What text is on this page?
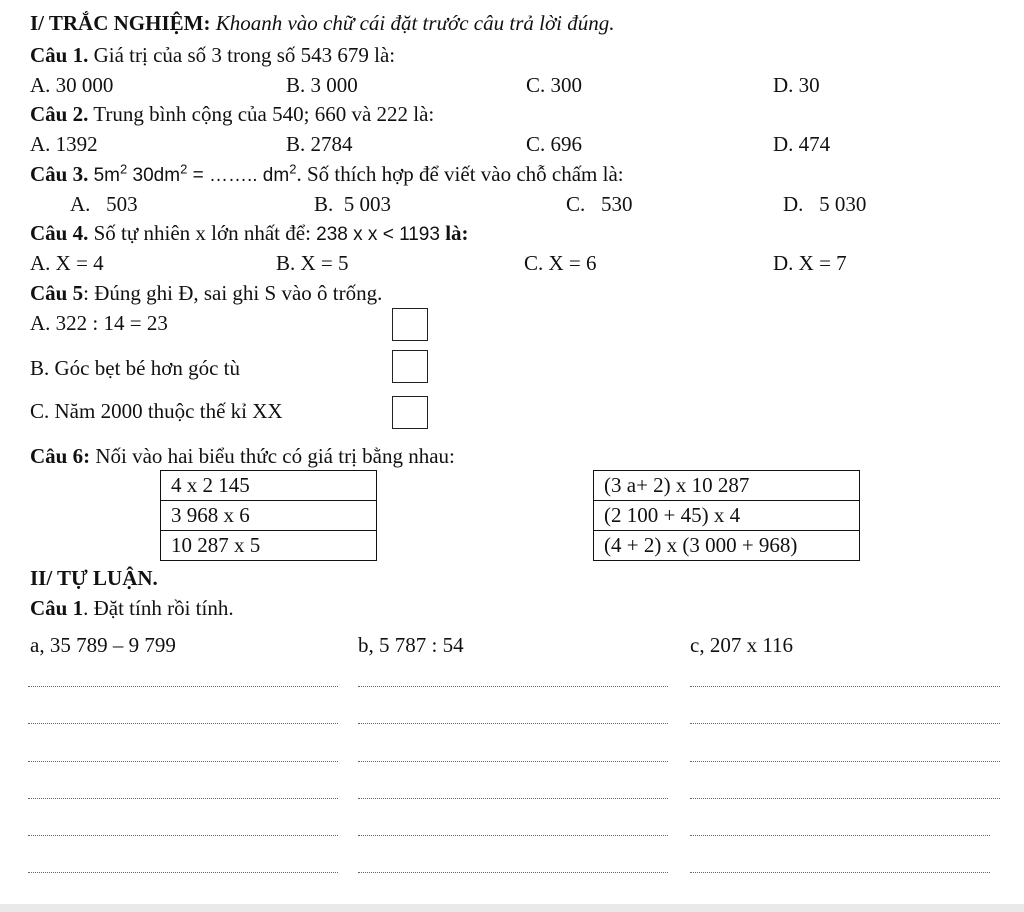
I/ TRẮC NGHIỆM: Khoanh vào chữ cái đặt trước câu trả lời đúng.
Câu 1. Giá trị của số 3 trong số 543 679 là:
A. 30 000	B. 3 000	C. 300	D. 30
Câu 2. Trung bình cộng của 540; 660 và 222 là:
A. 1392	B. 2784	C. 696	D. 474
Câu 3. $5m^2$ $30dm^2$ = …….. $dm^2$. Số thích hợp để viết vào chỗ chấm là:
A.   503	B.  5 003	C.   530	D.   5 030
Câu 4. Số tự nhiên x lớn nhất để: 238 x x < 1193 là:
A. X = 4	B. X = 5	C. X = 6	D. X = 7
Câu 5: Đúng ghi Đ, sai ghi S vào ô trống.
A. 322 : 14 = 23
B. Góc bẹt bé hơn góc tù
C. Năm 2000 thuộc thế kỉ XX
Câu 6: Nối vào hai biểu thức có giá trị bằng nhau:
4 x 2 145
3 968 x 6
10 287 x 5
(3 a+ 2) x 10 287
(2 100 + 45) x 4
(4 + 2) x (3 000 + 968)
II/ TỰ LUẬN.
Câu 1. Đặt tính rồi tính.
a, 35 789 – 9 799	b, 5 787 : 54	c, 207 x 116
